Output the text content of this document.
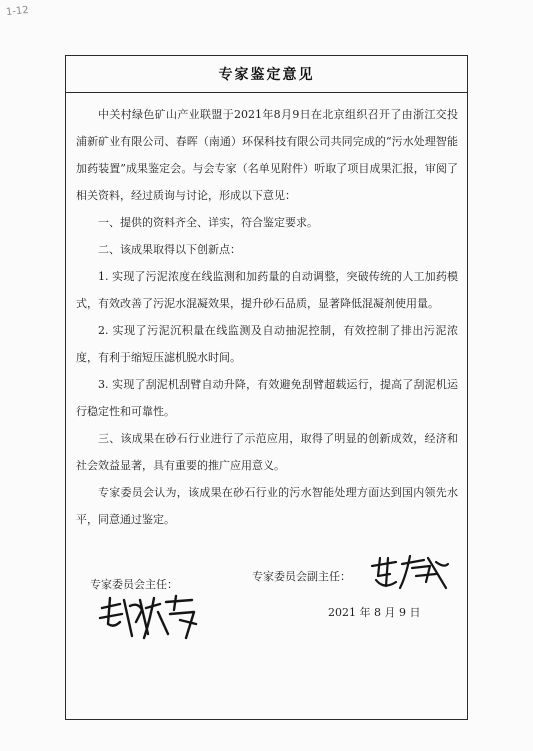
1-12
专家鉴定意见

中关村绿色矿山产业联盟于2021年8月9日在北京组织召开了由浙江交投浦新矿业有限公司、春晖（南通）环保科技有限公司共同完成的“污水处理智能加药装置”成果鉴定会。与会专家（名单见附件）听取了项目成果汇报，审阅了相关资料，经过质询与讨论，形成以下意见：

一、提供的资料齐全、详实，符合鉴定要求。

二、该成果取得以下创新点：

1. 实现了污泥浓度在线监测和加药量的自动调整，突破传统的人工加药模式，有效改善了污泥水混凝效果，提升砂石品质，显著降低混凝剂使用量。

2. 实现了污泥沉积量在线监测及自动抽泥控制，有效控制了排出污泥浓度，有利于缩短压滤机脱水时间。

3. 实现了刮泥机刮臂自动升降，有效避免刮臂超载运行，提高了刮泥机运行稳定性和可靠性。

三、该成果在砂石行业进行了示范应用，取得了明显的创新成效，经济和社会效益显著，具有重要的推广应用意义。

专家委员会认为，该成果在砂石行业的污水智能处理方面达到国内领先水平，同意通过鉴定。

专家委员会主任：
专家委员会副主任：
2021 年 8 月 9 日
